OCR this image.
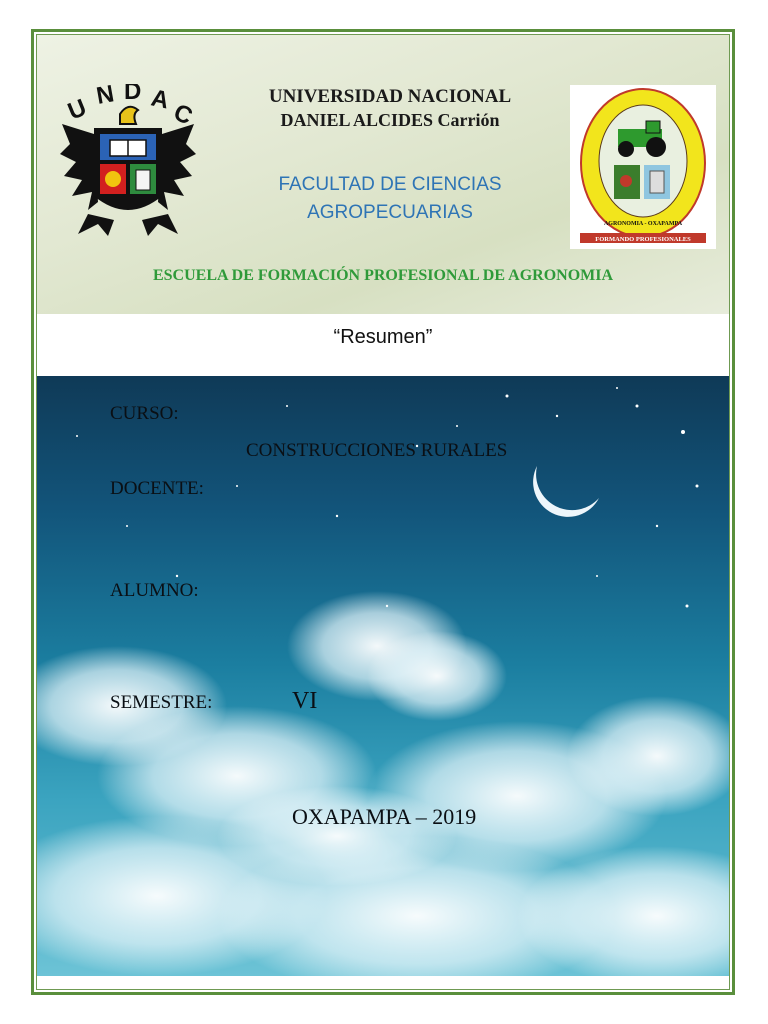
U N D A
C
UNIVERSIDAD NACIONAL
DANIEL ALCIDES Carrión
FACULTAD DE CIENCIAS
AGROPECUARIAS
AGRONOMIA - OXAPAMPA
FORMANDO PROFESIONALES
ESCUELA DE FORMACIÓN PROFESIONAL DE AGRONOMIA
“Resumen”
CURSO:
CONSTRUCCIONES RURALES
DOCENTE:
ALUMNO:
SEMESTRE:	VI
OXAPAMPA – 2019
